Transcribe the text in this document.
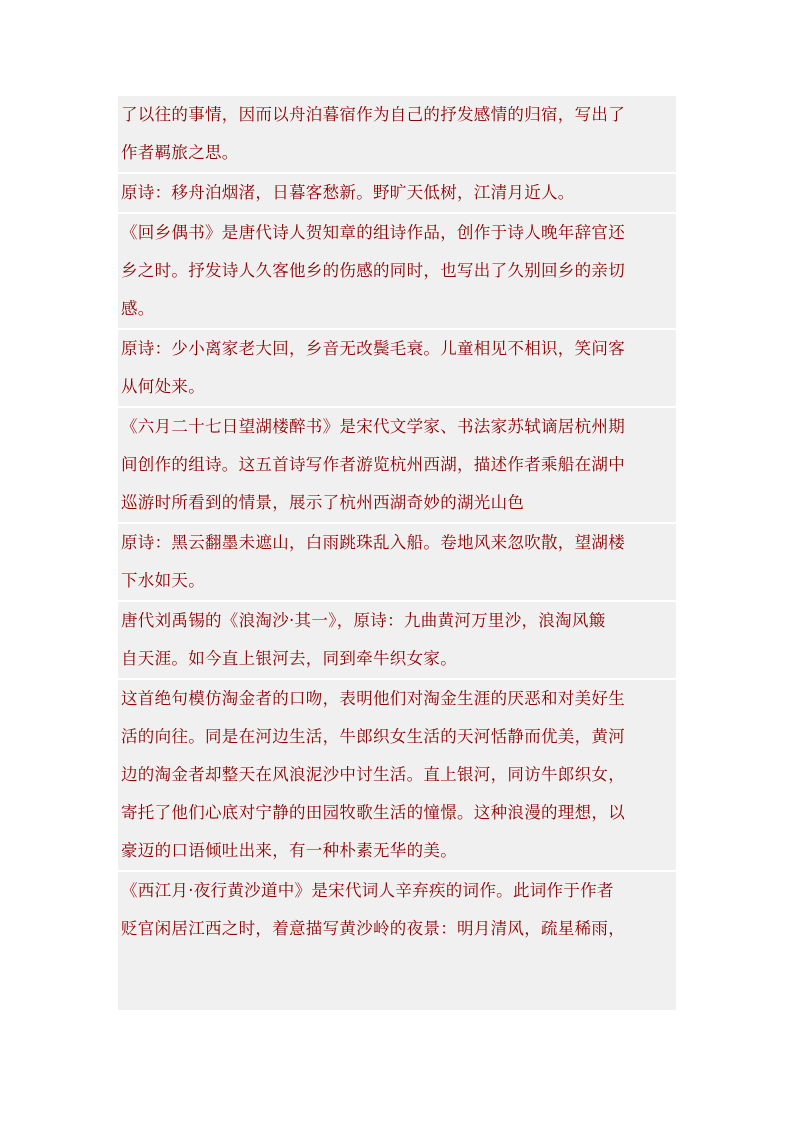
了以往的事情，因而以舟泊暮宿作为自己的抒发感情的归宿，写出了
作者羁旅之思。
原诗：移舟泊烟渚，日暮客愁新。野旷天低树，江清月近人。
《回乡偶书》是唐代诗人贺知章的组诗作品，创作于诗人晚年辞官还
乡之时。抒发诗人久客他乡的伤感的同时，也写出了久别回乡的亲切
感。
原诗：少小离家老大回，乡音无改鬓毛衰。儿童相见不相识，笑问客
从何处来。
《六月二十七日望湖楼醉书》是宋代文学家、书法家苏轼谪居杭州期
间创作的组诗。这五首诗写作者游览杭州西湖，描述作者乘船在湖中
巡游时所看到的情景，展示了杭州西湖奇妙的湖光山色
原诗：黑云翻墨未遮山，白雨跳珠乱入船。卷地风来忽吹散，望湖楼
下水如天。
唐代刘禹锡的《浪淘沙·其一》，原诗：九曲黄河万里沙，浪淘风簸
自天涯。如今直上银河去，同到牵牛织女家。
这首绝句模仿淘金者的口吻，表明他们对淘金生涯的厌恶和对美好生
活的向往。同是在河边生活，牛郎织女生活的天河恬静而优美，黄河
边的淘金者却整天在风浪泥沙中讨生活。直上银河，同访牛郎织女，
寄托了他们心底对宁静的田园牧歌生活的憧憬。这种浪漫的理想，以
豪迈的口语倾吐出来，有一种朴素无华的美。
《西江月·夜行黄沙道中》是宋代词人辛弃疾的词作。此词作于作者
贬官闲居江西之时，着意描写黄沙岭的夜景：明月清风，疏星稀雨，
